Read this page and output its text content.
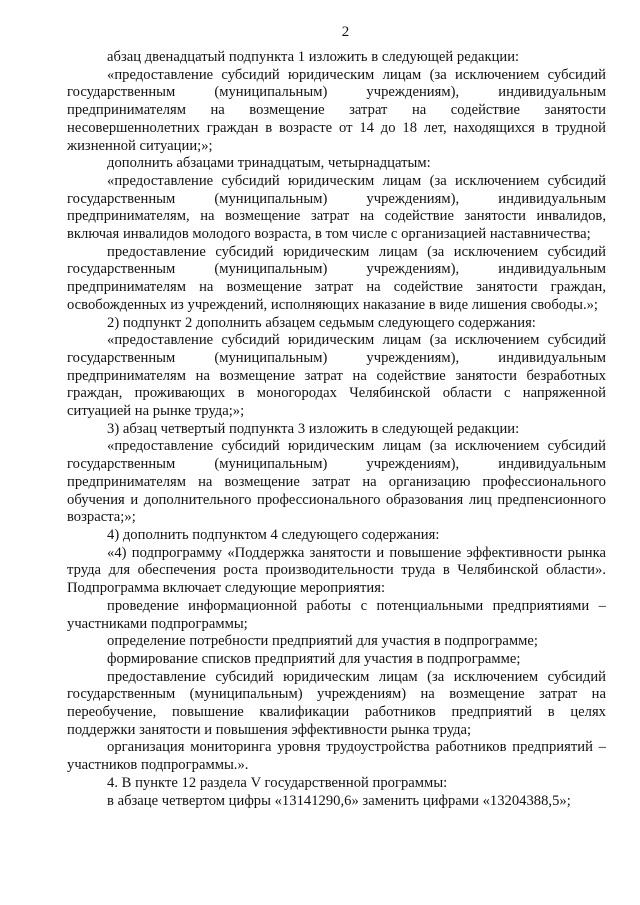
2

абзац двенадцатый подпункта 1 изложить в следующей редакции:

«предоставление субсидий юридическим лицам (за исключением субсидий государственным (муниципальным) учреждениям), индивидуальным предпринимателям на возмещение затрат на содействие занятости несовершеннолетних граждан в возрасте от 14 до 18 лет, находящихся в трудной жизненной ситуации;»;

дополнить абзацами тринадцатым, четырнадцатым:

«предоставление субсидий юридическим лицам (за исключением субсидий государственным (муниципальным) учреждениям), индивидуальным предпринимателям, на возмещение затрат на содействие занятости инвалидов, включая инвалидов молодого возраста, в том числе с организацией наставничества;

предоставление субсидий юридическим лицам (за исключением субсидий государственным (муниципальным) учреждениям), индивидуальным предпринимателям на возмещение затрат на содействие занятости граждан, освобожденных из учреждений, исполняющих наказание в виде лишения свободы.»;

2) подпункт 2 дополнить абзацем седьмым следующего содержания:

«предоставление субсидий юридическим лицам (за исключением субсидий государственным (муниципальным) учреждениям), индивидуальным предпринимателям на возмещение затрат на содействие занятости безработных граждан, проживающих в моногородах Челябинской области с напряженной ситуацией на рынке труда;»;

3) абзац четвертый подпункта 3 изложить в следующей редакции:

«предоставление субсидий юридическим лицам (за исключением субсидий государственным (муниципальным) учреждениям), индивидуальным предпринимателям на возмещение затрат на организацию профессионального обучения и дополнительного профессионального образования лиц предпенсионного возраста;»;

4) дополнить подпунктом 4 следующего содержания:

«4) подпрограмму «Поддержка занятости и повышение эффективности рынка труда для обеспечения роста производительности труда в Челябинской области». Подпрограмма включает следующие мероприятия:

проведение информационной работы с потенциальными предприятиями – участниками подпрограммы;

определение потребности предприятий для участия в подпрограмме;

формирование списков предприятий для участия в подпрограмме;

предоставление субсидий юридическим лицам (за исключением субсидий государственным (муниципальным) учреждениям) на возмещение затрат на переобучение, повышение квалификации работников предприятий в целях поддержки занятости и повышения эффективности рынка труда;

организация мониторинга уровня трудоустройства работников предприятий – участников подпрограммы.».

4. В пункте 12 раздела V государственной программы:

в абзаце четвертом цифры «13141290,6» заменить цифрами «13204388,5»;
